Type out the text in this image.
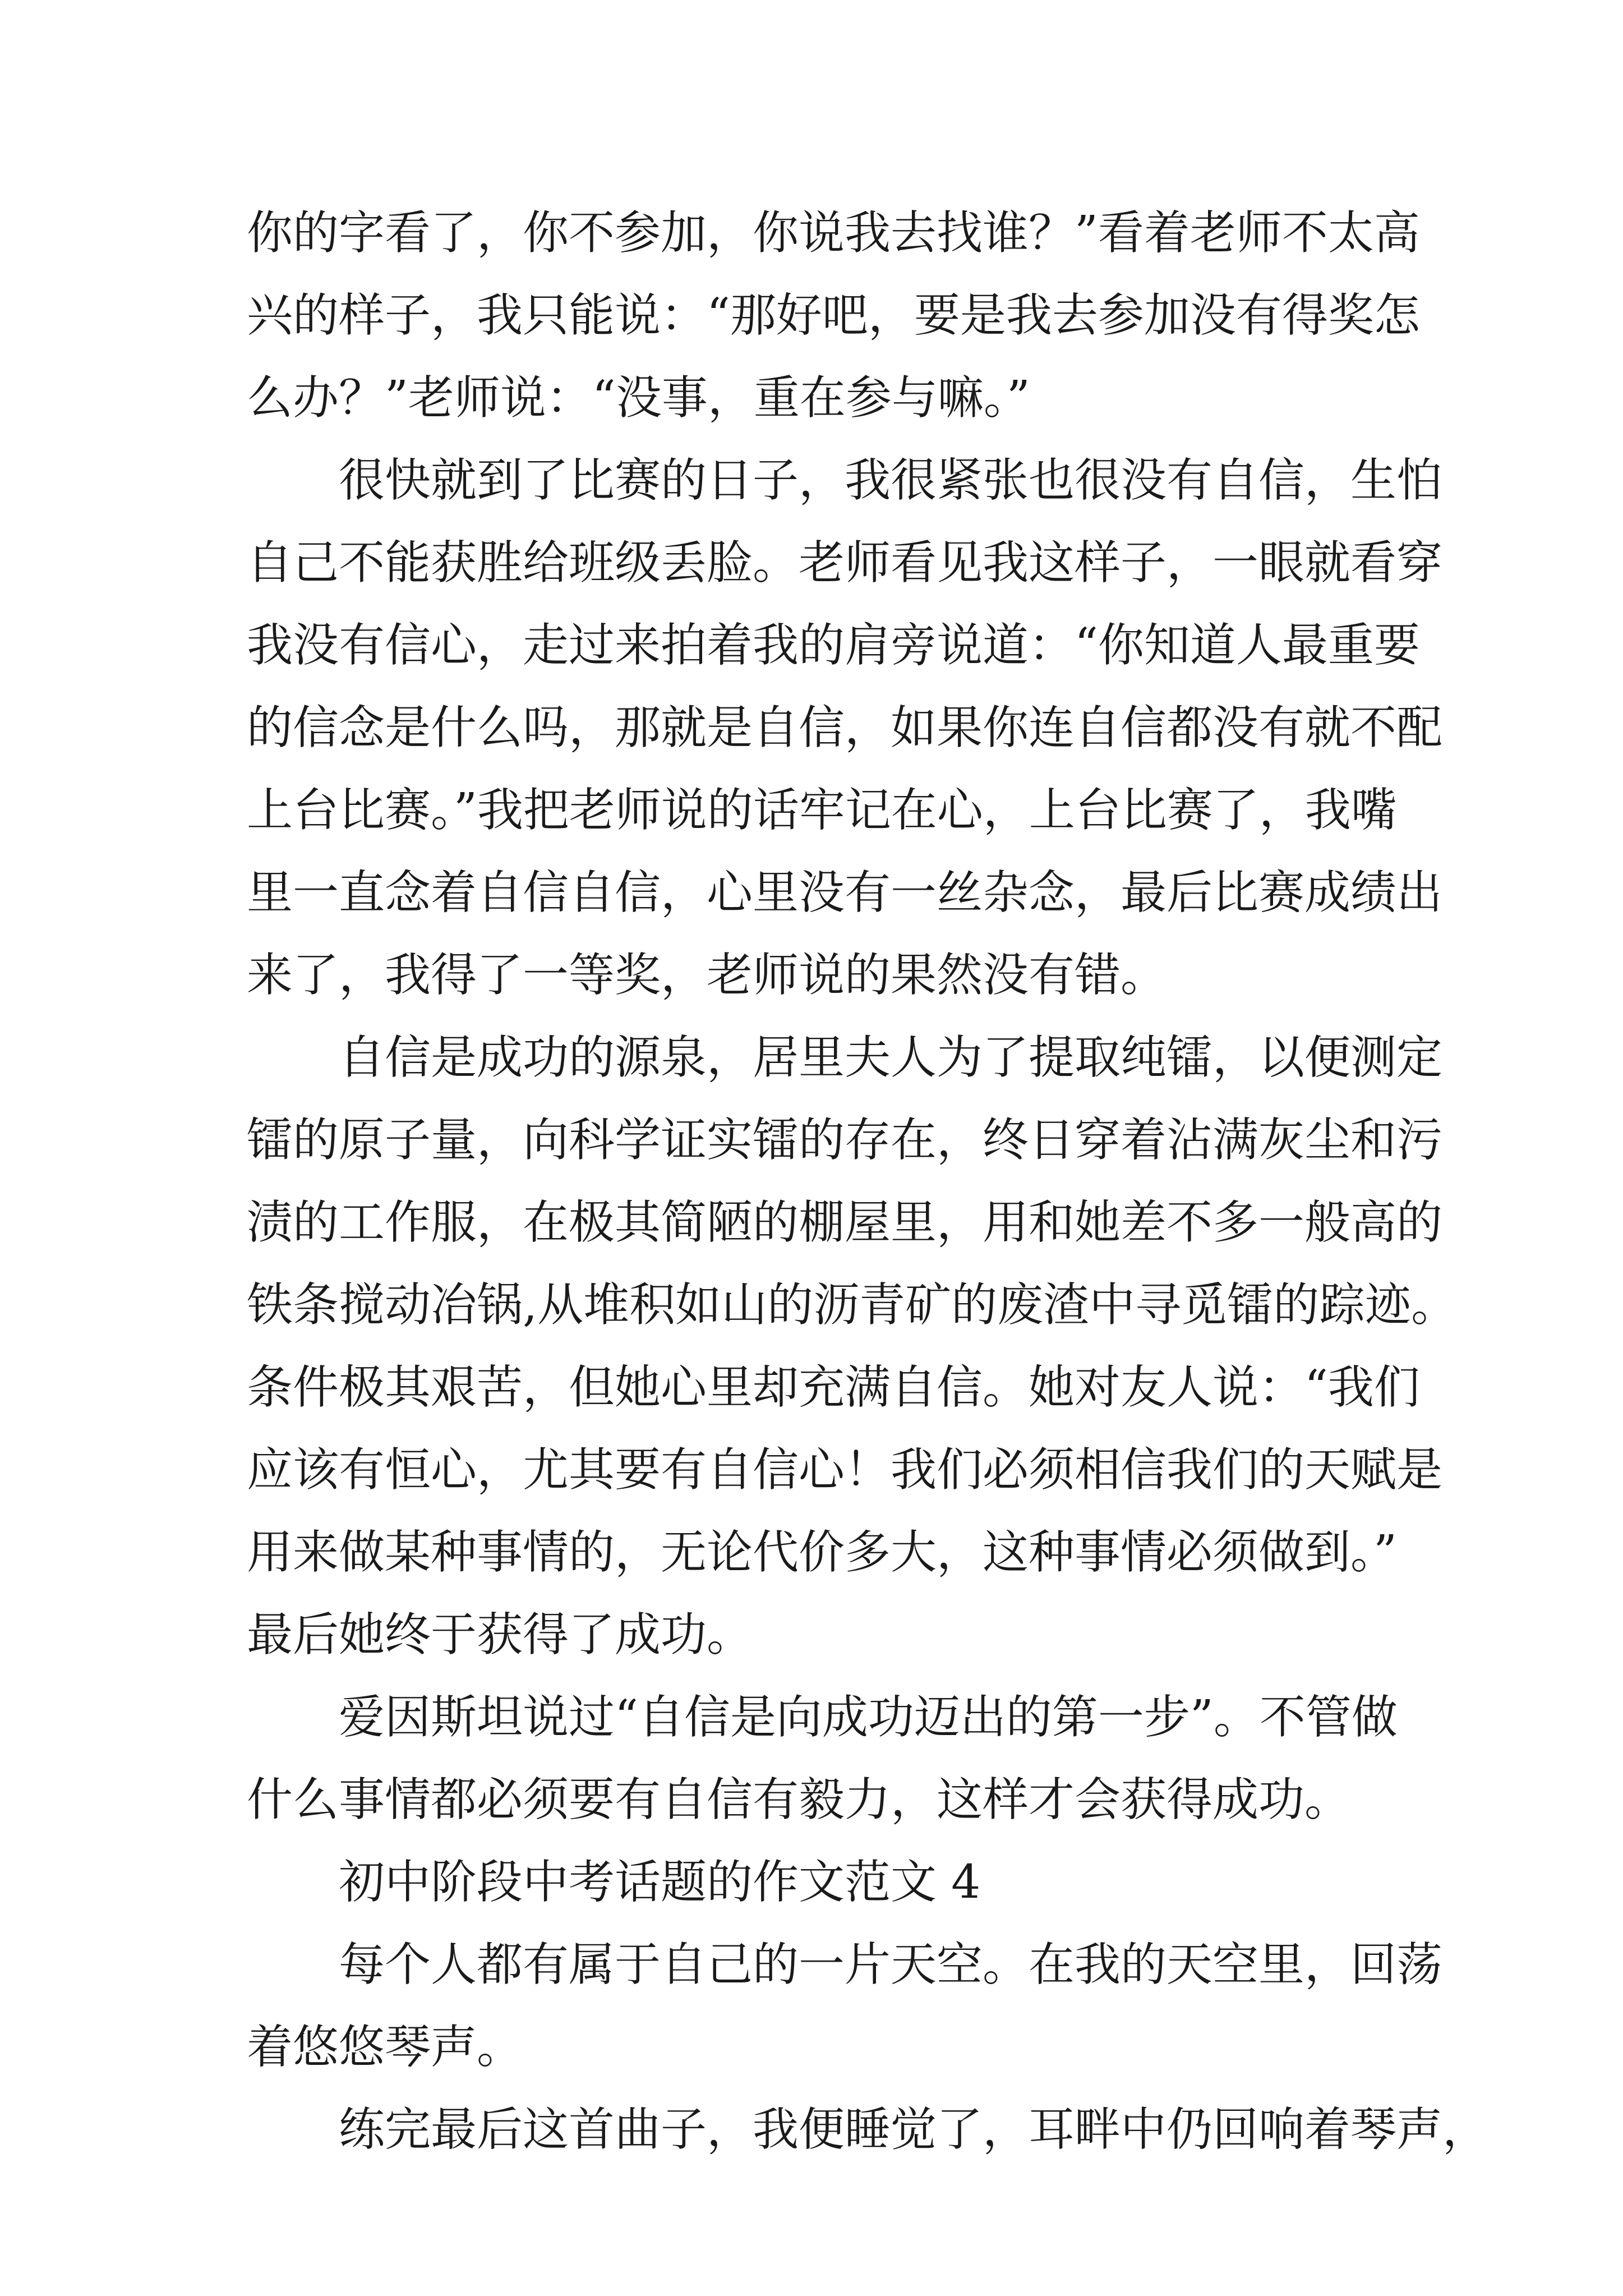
你的字看了，你不参加，你说我去找谁？”看着老师不太高
兴的样子，我只能说：“那好吧，要是我去参加没有得奖怎
么办？”老师说：“没事，重在参与嘛。”
很快就到了比赛的日子，我很紧张也很没有自信，生怕
自己不能获胜给班级丢脸。老师看见我这样子，一眼就看穿
我没有信心，走过来拍着我的肩旁说道：“你知道人最重要
的信念是什么吗，那就是自信，如果你连自信都没有就不配
上台比赛。”我把老师说的话牢记在心，上台比赛了，我嘴
里一直念着自信自信，心里没有一丝杂念，最后比赛成绩出
来了，我得了一等奖，老师说的果然没有错。
自信是成功的源泉，居里夫人为了提取纯镭，以便测定
镭的原子量，向科学证实镭的存在，终日穿着沾满灰尘和污
渍的工作服，在极其简陋的棚屋里，用和她差不多一般高的
铁条搅动冶锅,从堆积如山的沥青矿的废渣中寻觅镭的踪迹。
条件极其艰苦，但她心里却充满自信。她对友人说：“我们
应该有恒心，尤其要有自信心！我们必须相信我们的天赋是
用来做某种事情的，无论代价多大，这种事情必须做到。”
最后她终于获得了成功。
爱因斯坦说过“自信是向成功迈出的第一步”。不管做
什么事情都必须要有自信有毅力，这样才会获得成功。
初中阶段中考话题的作文范文 4
每个人都有属于自己的一片天空。在我的天空里，回荡
着悠悠琴声。
练完最后这首曲子，我便睡觉了，耳畔中仍回响着琴声，
